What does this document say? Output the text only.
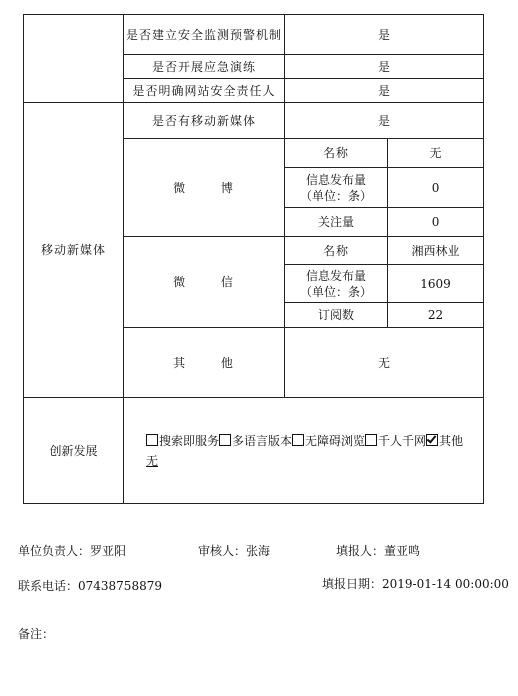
	是否建立安全监测预警机制	是	
	是否开展应急演练	是	
	是否明确网站安全责任人	是	
移动新媒体	是否有移动新媒体	是	
	微 博	名称	无
		信息发布量
（单位：条）	0
		关注量	0
	微 信	名称	湘西林业
		信息发布量
（单位：条）	1609
		订阅数	22
	其 他	无	
创新发展	搜索即服务 多语言版本 无障碍浏览 千人千网 其他
无		
单位负责人：罗亚阳	审核人：张海	填报人：董亚鸣
联系电话：07438758879	填报日期：2019-01-14 00:00:00
备注：
